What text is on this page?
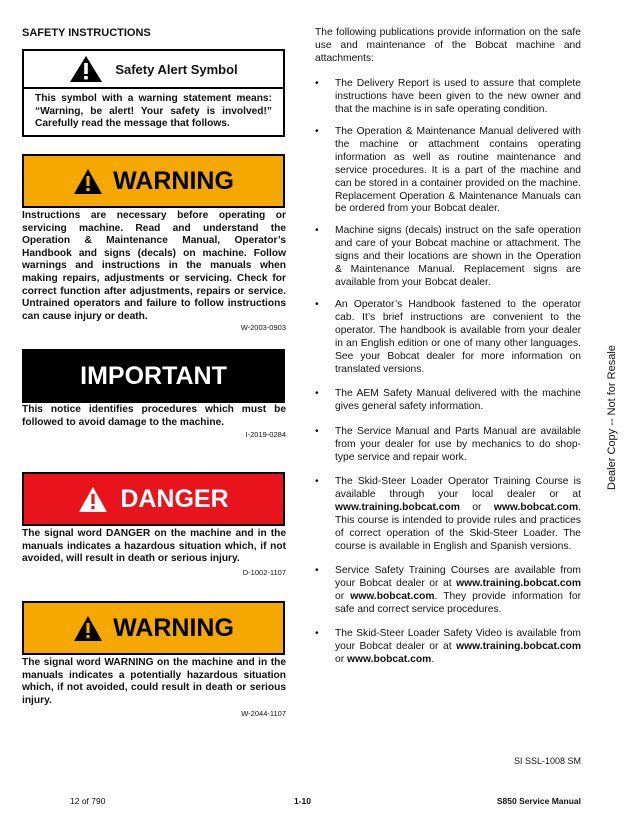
SAFETY INSTRUCTIONS
Safety Alert Symbol
This symbol with a warning statement means: “Warning, be alert! Your safety is involved!” Carefully read the message that follows.
WARNING
Instructions are necessary before operating or servicing machine. Read and understand the Operation & Maintenance Manual, Operator’s Handbook and signs (decals) on machine. Follow warnings and instructions in the manuals when making repairs, adjustments or servicing. Check for correct function after adjustments, repairs or service. Untrained operators and failure to follow instructions can cause injury or death.
W-2003-0903
IMPORTANT
This notice identifies procedures which must be followed to avoid damage to the machine.
I-2019-0284
DANGER
The signal word DANGER on the machine and in the manuals indicates a hazardous situation which, if not avoided, will result in death or serious injury.
D-1002-1107
WARNING
The signal word WARNING on the machine and in the manuals indicates a potentially hazardous situation which, if not avoided, could result in death or serious injury.
W-2044-1107
The following publications provide information on the safe use and maintenance of the Bobcat machine and attachments:
• The Delivery Report is used to assure that complete instructions have been given to the new owner and that the machine is in safe operating condition.
• The Operation & Maintenance Manual delivered with the machine or attachment contains operating information as well as routine maintenance and service procedures. It is a part of the machine and can be stored in a container provided on the machine. Replacement Operation & Maintenance Manuals can be ordered from your Bobcat dealer.
• Machine signs (decals) instruct on the safe operation and care of your Bobcat machine or attachment. The signs and their locations are shown in the Operation & Maintenance Manual. Replacement signs are available from your Bobcat dealer.
• An Operator’s Handbook fastened to the operator cab. It’s brief instructions are convenient to the operator. The handbook is available from your dealer in an English edition or one of many other languages. See your Bobcat dealer for more information on translated versions.
• The AEM Safety Manual delivered with the machine gives general safety information.
• The Service Manual and Parts Manual are available from your dealer for use by mechanics to do shop-type service and repair work.
• The Skid-Steer Loader Operator Training Course is available through your local dealer or at www.training.bobcat.com or www.bobcat.com. This course is intended to provide rules and practices of correct operation of the Skid-Steer Loader. The course is available in English and Spanish versions.
• Service Safety Training Courses are available from your Bobcat dealer or at www.training.bobcat.com or www.bobcat.com. They provide information for safe and correct service procedures.
• The Skid-Steer Loader Safety Video is available from your Bobcat dealer or at www.training.bobcat.com or www.bobcat.com.
Dealer Copy -- Not for Resale
SI SSL-1008 SM
12 of 790	1-10	S850 Service Manual
